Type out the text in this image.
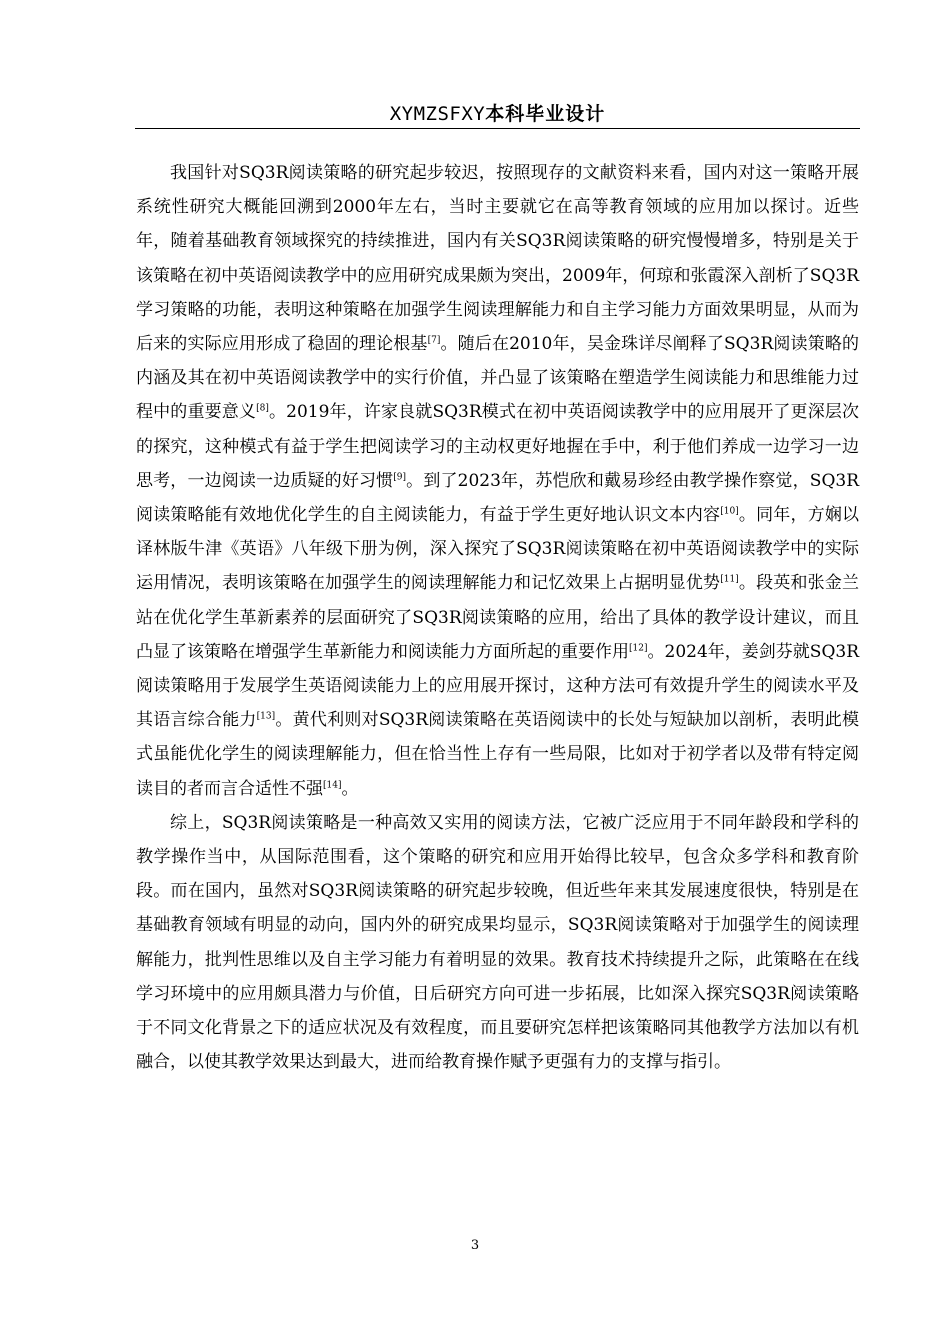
XYMZSFXY本科毕业设计

我国针对SQ3R阅读策略的研究起步较迟，按照现存的文献资料来看，国内对这一策略开展系统性研究大概能回溯到2000年左右，当时主要就它在高等教育领域的应用加以探讨。近些年，随着基础教育领域探究的持续推进，国内有关SQ3R阅读策略的研究慢慢增多，特别是关于该策略在初中英语阅读教学中的应用研究成果颇为突出，2009年，何琼和张霞深入剖析了SQ3R学习策略的功能，表明这种策略在加强学生阅读理解能力和自主学习能力方面效果明显，从而为后来的实际应用形成了稳固的理论根基[7]。随后在2010年，吴金珠详尽阐释了SQ3R阅读策略的内涵及其在初中英语阅读教学中的实行价值，并凸显了该策略在塑造学生阅读能力和思维能力过程中的重要意义[8]。2019年，许家良就SQ3R模式在初中英语阅读教学中的应用展开了更深层次的探究，这种模式有益于学生把阅读学习的主动权更好地握在手中，利于他们养成一边学习一边思考，一边阅读一边质疑的好习惯[9]。到了2023年，苏恺欣和戴易珍经由教学操作察觉，SQ3R阅读策略能有效地优化学生的自主阅读能力，有益于学生更好地认识文本内容[10]。同年，方娴以译林版牛津《英语》八年级下册为例，深入探究了SQ3R阅读策略在初中英语阅读教学中的实际运用情况，表明该策略在加强学生的阅读理解能力和记忆效果上占据明显优势[11]。段英和张金兰站在优化学生革新素养的层面研究了SQ3R阅读策略的应用，给出了具体的教学设计建议，而且凸显了该策略在增强学生革新能力和阅读能力方面所起的重要作用[12]。2024年，姜剑芬就SQ3R阅读策略用于发展学生英语阅读能力上的应用展开探讨，这种方法可有效提升学生的阅读水平及其语言综合能力[13]。黄代利则对SQ3R阅读策略在英语阅读中的长处与短缺加以剖析，表明此模式虽能优化学生的阅读理解能力，但在恰当性上存有一些局限，比如对于初学者以及带有特定阅读目的者而言合适性不强[14]。

综上，SQ3R阅读策略是一种高效又实用的阅读方法，它被广泛应用于不同年龄段和学科的教学操作当中，从国际范围看，这个策略的研究和应用开始得比较早，包含众多学科和教育阶段。而在国内，虽然对SQ3R阅读策略的研究起步较晚，但近些年来其发展速度很快，特别是在基础教育领域有明显的动向，国内外的研究成果均显示，SQ3R阅读策略对于加强学生的阅读理解能力，批判性思维以及自主学习能力有着明显的效果。教育技术持续提升之际，此策略在在线学习环境中的应用颇具潜力与价值，日后研究方向可进一步拓展，比如深入探究SQ3R阅读策略于不同文化背景之下的适应状况及有效程度，而且要研究怎样把该策略同其他教学方法加以有机融合，以使其教学效果达到最大，进而给教育操作赋予更强有力的支撑与指引。

3
